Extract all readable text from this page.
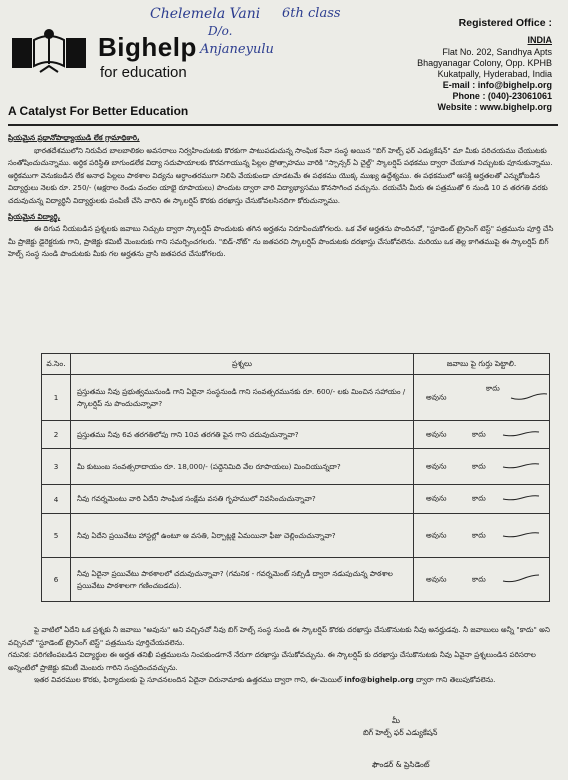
Chelemela Vani 6th class
D/o.
Anjaneyulu
Bighelp
for education
A Catalyst For Better Education
Registered Office :
INDIA
Flat No. 202, Sandhya Apts
Bhagyanagar Colony, Opp. KPHB
Kukatpally, Hyderabad, India
E-mail : info@bighelp.org
Phone : (040)-23061061
Website : www.bighelp.org

ప్రియమైన ప్రధానోపాధ్యాయుడి లేక గ్రామాధికారి,

భారతదేశములోని నిరుపేద బాలబాలికల అవసరాలు నిర్వహించుటకు కొరకుగా పాటుపడుచున్న సాంఘిక సేవా సంస్థ అయిన "బిగ్ హెల్ప్ ఫర్ ఎడ్యుకేషన్" మా మీకు పరిచయము చేయుటకు సంతోషించుచున్నాము. అర్థిక పరిస్థితి బాగుండలేక విద్యా సదుపాయాలకు కొరవగాయున్న పిల్లల ప్రోత్సాహము వారికి "స్పాన్సర్ ఏ చైల్డ్" స్కాలర్షిప్ పథకము ద్వారా చేయూత నిచ్చుటకు పూనుకున్నాము. ఆర్థికముగా వెనుకబడిన లేక అనాధ పిల్లలు పాఠశాల విద్యను అర్ధాంతరముగా నిలిపి వేయకుండా చూడటమే ఈ పథకము యొక్క ముఖ్య ఉద్దేశ్యము. ఈ పథకములో ఆసక్తి అర్హతలతో ఎన్నుకోబడిన విద్యార్థులు నెలకు రూ. 250/- (అక్షరాల రెండు వందల యాభై రూపాయలు) పొందుట ద్వారా వారి విద్యాభ్యాసము కొనసాగించ వచ్చును. దయచేసి మీరు ఈ పత్రముతో 6 నుండి 10 వ తరగతి వరకు చదువుచున్న విద్యార్థినీ విద్యార్థులకు పంపిణీ చేసి వారిని ఈ స్కాలర్షిప్ కొరకు దరఖాస్తు చేసుకోవలసినదిగా కోరుచున్నాము.

ప్రియమైన విద్యార్థి,

ఈ దిగువ నీయబడిన ప్రశ్నలకు జవాబు నిచ్చుట ద్వారా స్కాలర్షిప్ పొందుటకు తగిన అర్హతను నిరూపించుకోగలరు. ఒక వేళ అర్హతను పొందినచో, "స్టూడెంట్ ట్రైనింగ్ టెస్ట్" పత్రమును పూర్తి చేసి మీ ప్రాజెక్టు డైరెక్టరుకు గాని, ప్రాజెక్టు కమిటీ మెంబరుకు గాని సమర్పించగలరు. "బిడ్-నోట్" ను జతపరచి స్కాలర్షిప్ పొందుటకు దరఖాస్తు చేసుకోవలెను. మరియు ఒక తెల్ల కాగితముపై ఈ స్కాలర్షిప్ బిగ్ హెల్ప్ సంస్థ నుండి పొందుటకు మీకు గల అర్హతను వ్రాసి జతపరచ చేసుకోగలరు.

వ.సెం.	ప్రశ్నలు	జవాబు పై గుర్తు పెట్టాలి.
1	ప్రస్తుతము నీవు ప్రభుత్వమునుండి గాని ఏదైనా సంస్థనుండి గాని సంవత్సరమునకు రూ. 600/- లకు మించిన సహాయం / స్కాలర్షిప్ ను పొందుచున్నావా?	అవును
కాదు

2	ప్రస్తుతము నీవు 6వ తరగతిలోపు గాని 10వ తరగతి పైన గాని చదువుచున్నావా?	అవును కాదు

3	మీ కుటుంబ సంవత్సరాదాయం రూ. 18,000/- (పద్దెనిమిది వేల రూపాయలు) మించియున్నదా?	అవును కాదు

4	నీవు గవర్నమెంటు వారి ఏదేని సాంఘిక సంక్షేమ వసతి గృహములో నివసించుచున్నావా?	అవును కాదు

5	నీవు ఏదేని ప్రయివేటు హాస్టల్లో ఉంటూ ఆ వసతి, ఏర్పాట్లకై ఏమయినా ఫీజు చెల్లించుచున్నావా?	అవును కాదు

6	నీవు ఏదైనా ప్రయివేటు పాఠశాలలో చదువుచున్నావా? (గమనిక - గవర్నమెంట్ సబ్సిడీ ద్వారా నడుపుచున్న పాఠశాల ప్రయివేటు పాఠశాలగా గణించబడదు).	అవును కాదు

పై వాటిలో ఏదేని ఒక ప్రశ్నకు నీ జవాబు "అవును" అని వచ్చినచో నీవు బిగ్ హెల్ప్ సంస్థ నుండి ఈ స్కాలర్షిప్ కొరకు దరఖాస్తు చేసుకొనుటకు నీవు అనర్హుడవు. నీ జవాబులు అన్నీ "కాదు" అని వచ్చినచో "స్టూడెంట్ ట్రైనింగ్ టెస్ట్" పత్రమును పూర్తిచేయవలెను.

గమనిక: పరిగణింపబడిన విద్యార్థుల ఈ అర్హత తనిఖీ పత్రములను నింపకుండగానే నేరుగా దరఖాస్తు చేసుకోవచ్చును. ఈ స్కాలర్షిప్ కు దరఖాస్తు చేసుకొనుటకు నీవు ఏవైనా ప్రశ్నలుండిన పరిసరాల అన్నింటిలో ప్రాజెక్టు కమిటీ మెంబరు గారిని సంప్రదించవచ్చును.

ఇతర వివరముల కొరకు, ఫిర్యాదులకు పై సూచనలందిన ఏదైనా చిరునామాకు ఉత్తరము ద్వారా గాని, ఈ-మెయిల్ info@bighelp.org ద్వారా గాని తెలుపుకోవలెను.

మీ
బిగ్ హెల్ప్ ఫర్ ఎడ్యుకేషన్
ఫౌండర్ & ప్రెసిడెంట్
